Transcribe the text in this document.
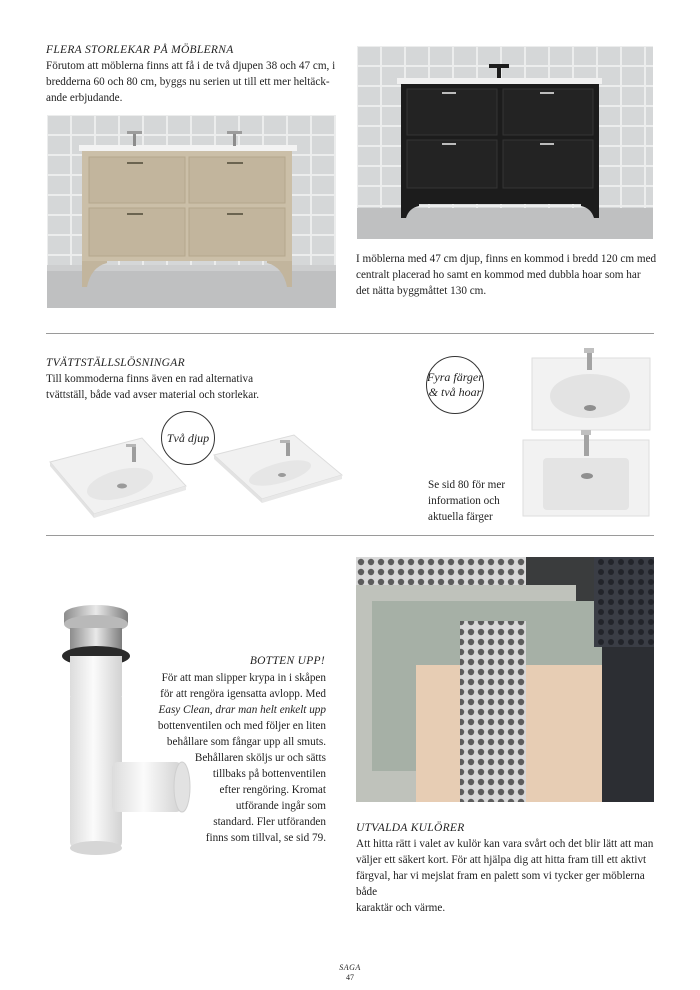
FLERA STORLEKAR PÅ MÖBLERNA
Förutom att möblerna finns att få i de två djupen 38 och 47 cm, i
bredderna 60 och 80 cm, byggs nu serien ut till ett mer heltäck-
ande erbjudande.
I möblerna med 47 cm djup, finns en kommod i bredd 120 cm med
centralt placerad ho samt en kommod med dubbla hoar som har
det nätta byggmåttet 130 cm.
TVÄTTSTÄLLSLÖSNINGAR
Till kommoderna finns även en rad alternativa
tvättställ, både vad avser material och storlekar.
Två djup
Fyra färger
& två hoar
Se sid 80 för mer
information och
aktuella färger
BOTTEN UPP!
För att man slipper krypa in i skåpen
för att rengöra igensatta avlopp. Med
Easy Clean, drar man helt enkelt upp
bottenventilen och med följer en liten
behållare som fångar upp all smuts.
Behållaren sköljs ur och sätts
tillbaks på bottenventilen
efter rengöring. Kromat
utförande ingår som
standard. Fler utföranden
finns som tillval, se sid 79.
UTVALDA KULÖRER
Att hitta rätt i valet av kulör kan vara svårt och det blir lätt att man
väljer ett säkert kort. För att hjälpa dig att hitta fram till ett aktivt
färgval, har vi mejslat fram en palett som vi tycker ger möblerna både
karaktär och värme.
SAGA
47
